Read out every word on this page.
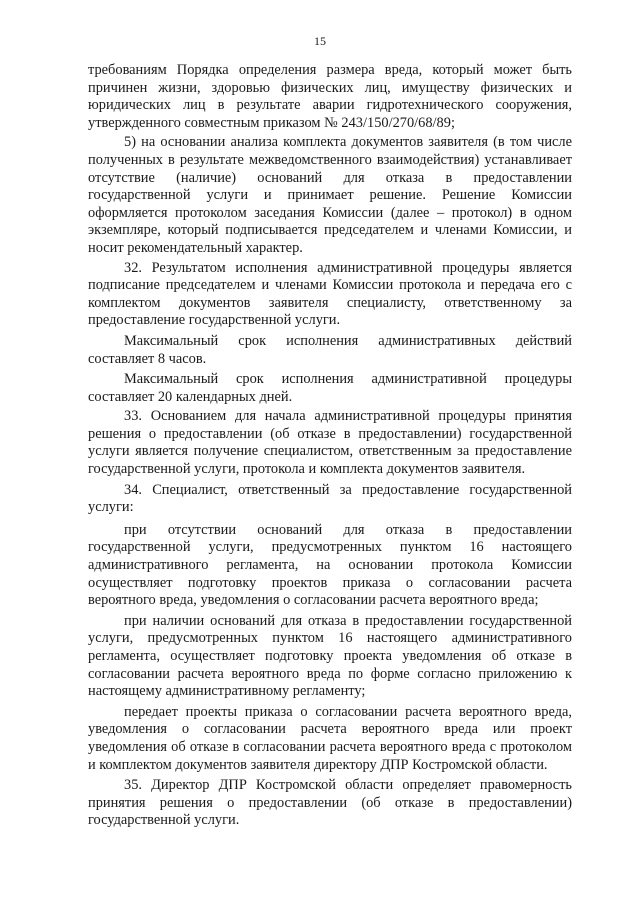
15

требованиям Порядка определения размера вреда, который может быть причинен жизни, здоровью физических лиц, имуществу физических и юридических лиц в результате аварии гидротехнического сооружения, утвержденного совместным приказом № 243/150/270/68/89;

5) на основании анализа комплекта документов заявителя (в том числе полученных в результате межведомственного взаимодействия) устанавливает отсутствие (наличие) оснований для отказа в предоставлении государственной услуги и принимает решение. Решение Комиссии оформляется протоколом заседания Комиссии (далее – протокол) в одном экземпляре, который подписывается председателем и членами Комиссии, и носит рекомендательный характер.

32. Результатом исполнения административной процедуры является подписание председателем и членами Комиссии протокола и передача его с комплектом документов заявителя специалисту, ответственному за предоставление государственной услуги.

Максимальный срок исполнения административных действий составляет 8 часов.

Максимальный срок исполнения административной процедуры составляет 20 календарных дней.

33. Основанием для начала административной процедуры принятия решения о предоставлении (об отказе в предоставлении) государственной услуги является получение специалистом, ответственным за предоставление государственной услуги, протокола и комплекта документов заявителя.

34. Специалист, ответственный за предоставление государственной услуги:

при отсутствии оснований для отказа в предоставлении государственной услуги, предусмотренных пунктом 16 настоящего административного регламента, на основании протокола Комиссии осуществляет подготовку проектов приказа о согласовании расчета вероятного вреда, уведомления о согласовании расчета вероятного вреда;

при наличии оснований для отказа в предоставлении государственной услуги, предусмотренных пунктом 16 настоящего административного регламента, осуществляет подготовку проекта уведомления об отказе в согласовании расчета вероятного вреда по форме согласно приложению к настоящему административному регламенту;

передает проекты приказа о согласовании расчета вероятного вреда, уведомления о согласовании расчета вероятного вреда или проект уведомления об отказе в согласовании расчета вероятного вреда с протоколом и комплектом документов заявителя директору ДПР Костромской области.

35. Директор ДПР Костромской области определяет правомерность принятия решения о предоставлении (об отказе в предоставлении) государственной услуги.
